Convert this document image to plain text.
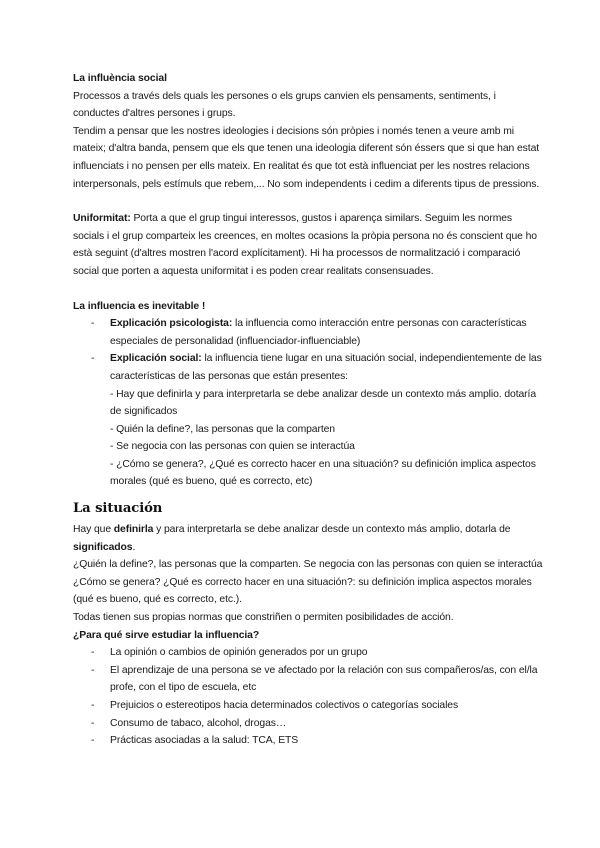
La influència social

Processos a través dels quals les persones o els grups canvien els pensaments, sentiments, i conductes d'altres persones i grups.

Tendim a pensar que les nostres ideologies i decisions són pròpies i només tenen a veure amb mi mateix; d'altra banda, pensem que els que tenen una ideologia diferent són éssers que si que han estat influenciats i no pensen per ells mateix. En realitat és que tot està influenciat per les nostres relacions interpersonals, pels estímuls que rebem,... No som independents i cedim a diferents tipus de pressions.

Uniformitat: Porta a que el grup tingui interessos, gustos i aparença similars. Seguim les normes socials i el grup comparteix les creences, en moltes ocasions la pròpia persona no és conscient que ho està seguint (d'altres mostren l'acord explícitament). Hi ha processos de normalització i comparació social que porten a aquesta uniformitat i es poden crear realitats consensuades.

La influencia es inevitable !

- Explicación psicologista: la influencia como interacción entre personas con características especiales de personalidad (influenciador-influenciable)
- Explicación social: la influencia tiene lugar en una situación social, independientemente de las características de las personas que están presentes:
- Hay que definirla y para interpretarla se debe analizar desde un contexto más amplio. dotaría de significados
- Quién la define?, las personas que la comparten
- Se negocia con las personas con quien se interactúa
- ¿Cómo se genera?, ¿Qué es correcto hacer en una situación? su definición implica aspectos morales (qué es bueno, qué es correcto, etc)
La situación

Hay que definirla y para interpretarla se debe analizar desde un contexto más amplio, dotarla de significados.

¿Quién la define?, las personas que la comparten. Se negocia con las personas con quien se interactúa ¿Cómo se genera? ¿Qué es correcto hacer en una situación?: su definición implica aspectos morales (qué es bueno, qué es correcto, etc.).

Todas tienen sus propias normas que constriñen o permiten posibilidades de acción.

¿Para qué sirve estudiar la influencia?

- La opinión o cambios de opinión generados por un grupo
- El aprendizaje de una persona se ve afectado por la relación con sus compañeros/as, con el/la profe, con el tipo de escuela, etc
- Prejuicios o estereotipos hacia determinados colectivos o categorías sociales
- Consumo de tabaco, alcohol, drogas…
- Prácticas asociadas a la salud: TCA, ETS
